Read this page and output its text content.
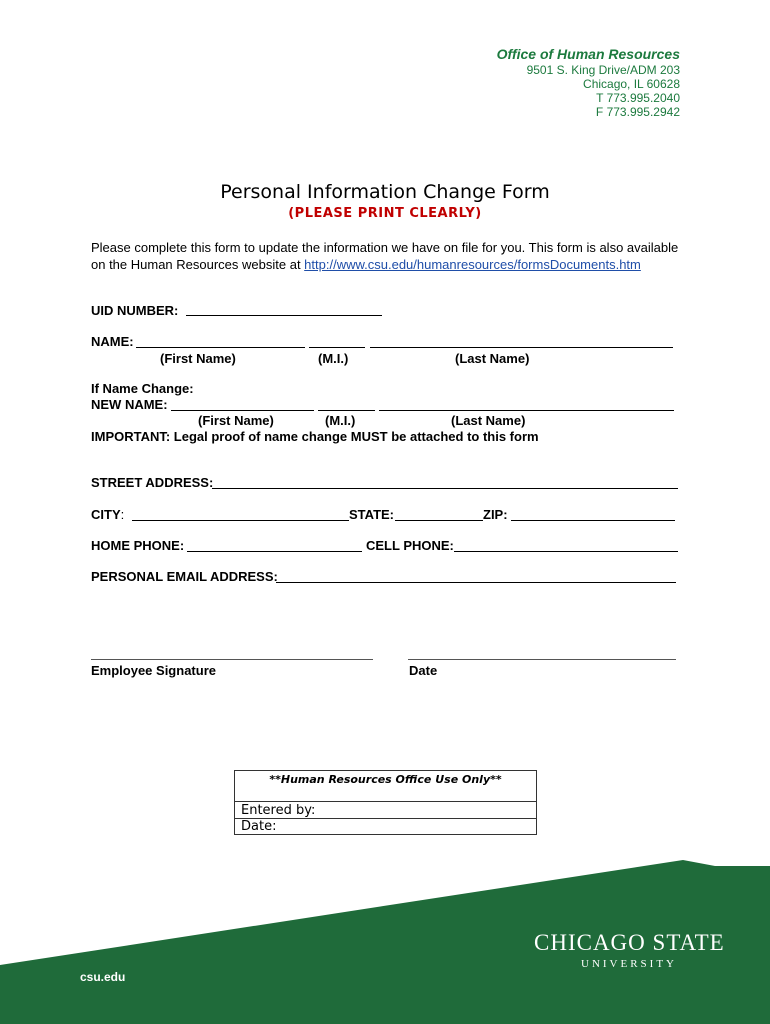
Office of Human Resources
9501 S. King Drive/ADM 203
Chicago, IL 60628
T 773.995.2040
F 773.995.2942
Personal Information Change Form
(PLEASE PRINT CLEARLY)
Please complete this form to update the information we have on file for you. This form is also available on the Human Resources website at http://www.csu.edu/humanresources/formsDocuments.htm
UID NUMBER:
NAME:
(First Name)	(M.I.)	(Last Name)
If Name Change:
NEW NAME:
(First Name)	(M.I.)	(Last Name)
IMPORTANT: Legal proof of name change MUST be attached to this form
STREET ADDRESS:
CITY:	STATE:	ZIP:
HOME PHONE:	CELL PHONE:
PERSONAL EMAIL ADDRESS:
Employee Signature	Date
**Human Resources Office Use Only**
Entered by:
Date:
csu.edu
CHICAGO STATE
UNIVERSITY
